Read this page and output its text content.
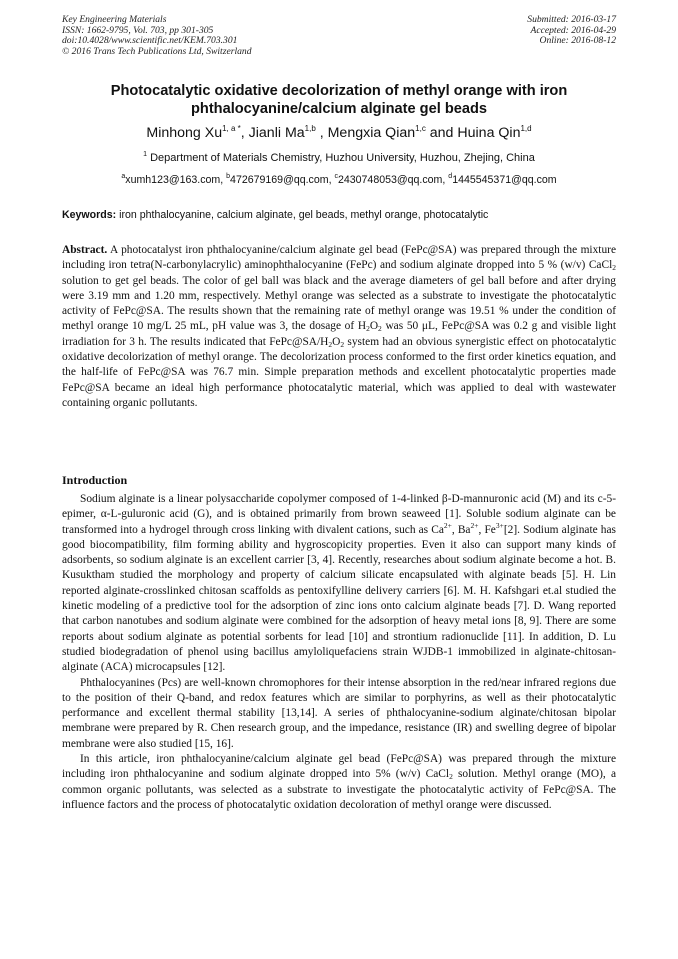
Key Engineering Materials
ISSN: 1662-9795, Vol. 703, pp 301-305
doi:10.4028/www.scientific.net/KEM.703.301
© 2016 Trans Tech Publications Ltd, Switzerland
Submitted: 2016-03-17
Accepted: 2016-04-29
Online: 2016-08-12
Photocatalytic oxidative decolorization of methyl orange with iron
phthalocyanine/calcium alginate gel beads
Minhong $Xu^{1, a *}$, Jianli Ma$^{1,b}$ , Mengxia Qian$^{1,c}$ and Huina Qin$^{1,d}$
$^1$ Department of Materials Chemistry, Huzhou University, Huzhou, Zhejing, China
$^a$xumh123@163.com, $^b$472679169@qq.com, $^c$2430748053@qq.com, $^d$1445545371@qq.com
Keywords: iron phthalocyanine, calcium alginate, gel beads, methyl orange, photocatalytic

Abstract. A photocatalyst iron phthalocyanine/calcium alginate gel bead (FePc@SA) was prepared through the mixture including iron tetra(N-carbonylacrylic) aminophthalocyanine (FePc) and sodium alginate dropped into 5 % (w/v) CaCl$_2$ solution to get gel beads. The color of gel ball was black and the average diameters of gel ball before and after drying were 3.19 mm and 1.20 mm, respectively. Methyl orange was selected as a substrate to investigate the photocatalytic activity of FePc@SA. The results shown that the remaining rate of methyl orange was 19.51 % under the condition of methyl orange 10 mg/L 25 mL, pH value was 3, the dosage of $H_2O_2$ was 50 μL, FePc@SA was 0.2 g and visible light irradiation for 3 h. The results indicated that $FePc@SA/H_2O_2$ system had an obvious synergistic effect on photocatalytic oxidative decolorization of methyl orange. The decolorization process conformed to the first order kinetics equation, and the half-life of FePc@SA was 76.7 min. Simple preparation methods and excellent photocatalytic properties made FePc@SA became an ideal high performance photocatalytic material, which was applied to deal with wastewater containing organic pollutants.

Introduction

Sodium alginate is a linear polysaccharide copolymer composed of 1-4-linked β-D-mannuronic acid (M) and its c-5-epimer, α-L-guluronic acid (G), and is obtained primarily from brown seaweed [1]. Soluble sodium alginate can be transformed into a hydrogel through cross linking with divalent cations, such as $Ca^{2+}$, $Ba^{2+}$, $Fe^{3+}[2]$. Sodium alginate has good biocompatibility, film forming ability and hygroscopicity properties. Even it also can support many kinds of adsorbents, so sodium alginate is an excellent carrier [3, 4]. Recently, researches about sodium alginate become a hot. B. Kusuktham studied the morphology and property of calcium silicate encapsulated with alginate beads [5]. H. Lin reported alginate-crosslinked chitosan scaffolds as pentoxifylline delivery carriers [6]. M. H. Kafshgari et.al studied the kinetic modeling of a predictive tool for the adsorption of zinc ions onto calcium alginate beads [7]. D. Wang reported that carbon nanotubes and sodium alginate were combined for the adsorption of heavy metal ions [8, 9]. There are some reports about sodium alginate as potential sorbents for lead [10] and strontium radionuclide [11]. In addition, D. Lu studied biodegradation of phenol using bacillus amyloliquefaciens strain WJDB-1 immobilized in alginate-chitosan-alginate (ACA) microcapsules [12].

Phthalocyanines (Pcs) are well-known chromophores for their intense absorption in the red/near infrared regions due to the position of their Q-band, and redox features which are similar to porphyrins, as well as their photocatalytic performance and excellent thermal stability [13,14]. A series of phthalocyanine-sodium alginate/chitosan bipolar membrane were prepared by R. Chen research group, and the impedance, resistance (IR) and swelling degree of bipolar membrane were also studied [15, 16].

In this article, iron phthalocyanine/calcium alginate gel bead (FePc@SA) was prepared through the mixture including iron phthalocyanine and sodium alginate dropped into 5% (w/v) CaCl$_2$ solution. Methyl orange (MO), a common organic pollutants, was selected as a substrate to investigate the photocatalytic activity of FePc@SA. The influence factors and the process of photocatalytic oxidation decoloration of methyl orange were discussed.
